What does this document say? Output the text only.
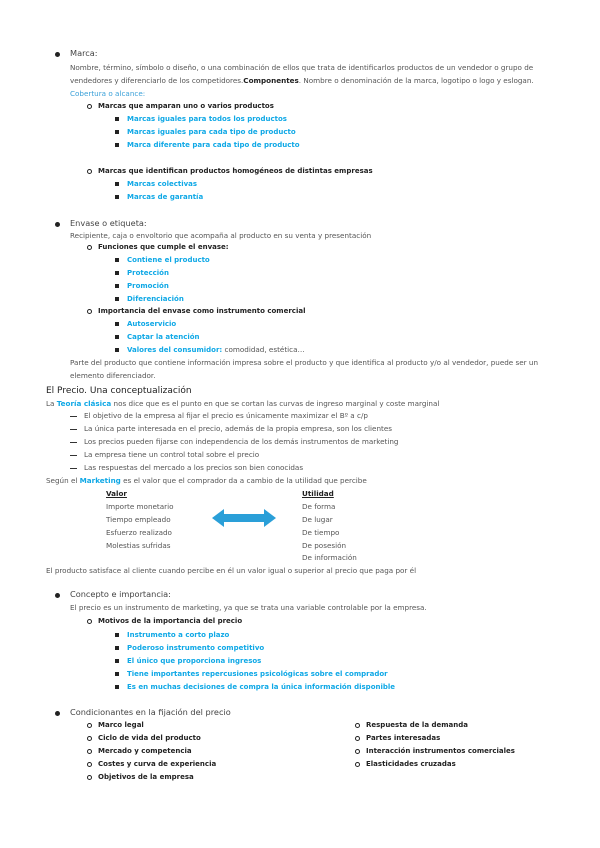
Marca:
Nombre, término, símbolo o diseño, o una combinación de ellos que trata de identificarlos productos de un vendedor o grupo de
vendedores y diferenciarlo de los competidores.Componentes. Nombre o denominación de la marca, logotipo o logo y eslogan.
Cobertura o alcance:
Marcas que amparan uno o varios productos
Marcas iguales para todos los productos
Marcas iguales para cada tipo de producto
Marca diferente para cada tipo de producto
Marcas que identifican productos homogéneos de distintas empresas
Marcas colectivas
Marcas de garantía
Envase o etiqueta:
Recipiente, caja o envoltorio que acompaña al producto en su venta y presentación
Funciones que cumple el envase:
Contiene el producto
Protección
Promoción
Diferenciación
Importancia del envase como instrumento comercial
Autoservicio
Captar la atención
Valores del consumidor: comodidad, estética…
Parte del producto que contiene información impresa sobre el producto y que identifica al producto y/o al vendedor, puede ser un
elemento diferenciador.
El Precio. Una conceptualización
La Teoría clásica nos dice que es el punto en que se cortan las curvas de ingreso marginal y coste marginal
El objetivo de la empresa al fijar el precio es únicamente maximizar el Bº a c/p
La única parte interesada en el precio, además de la propia empresa, son los clientes
Los precios pueden fijarse con independencia de los demás instrumentos de marketing
La empresa tiene un control total sobre el precio
Las respuestas del mercado a los precios son bien conocidas
Según el Marketing es el valor que el comprador da a cambio de la utilidad que percibe
Valor
Importe monetario
Tiempo empleado
Esfuerzo realizado
Molestias sufridas
Utilidad
De forma
De lugar
De tiempo
De posesión
De información
El producto satisface al cliente cuando percibe en él un valor igual o superior al precio que paga por él
Concepto e importancia:
El precio es un instrumento de marketing, ya que se trata una variable controlable por la empresa.
Motivos de la importancia del precio
Instrumento a corto plazo
Poderoso instrumento competitivo
El único que proporciona ingresos
Tiene importantes repercusiones psicológicas sobre el comprador
Es en muchas decisiones de compra la única información disponible
Condicionantes en la fijación del precio
Marco legal
Ciclo de vida del producto
Mercado y competencia
Costes y curva de experiencia
Objetivos de la empresa
Respuesta de la demanda
Partes interesadas
Interacción instrumentos comerciales
Elasticidades cruzadas
